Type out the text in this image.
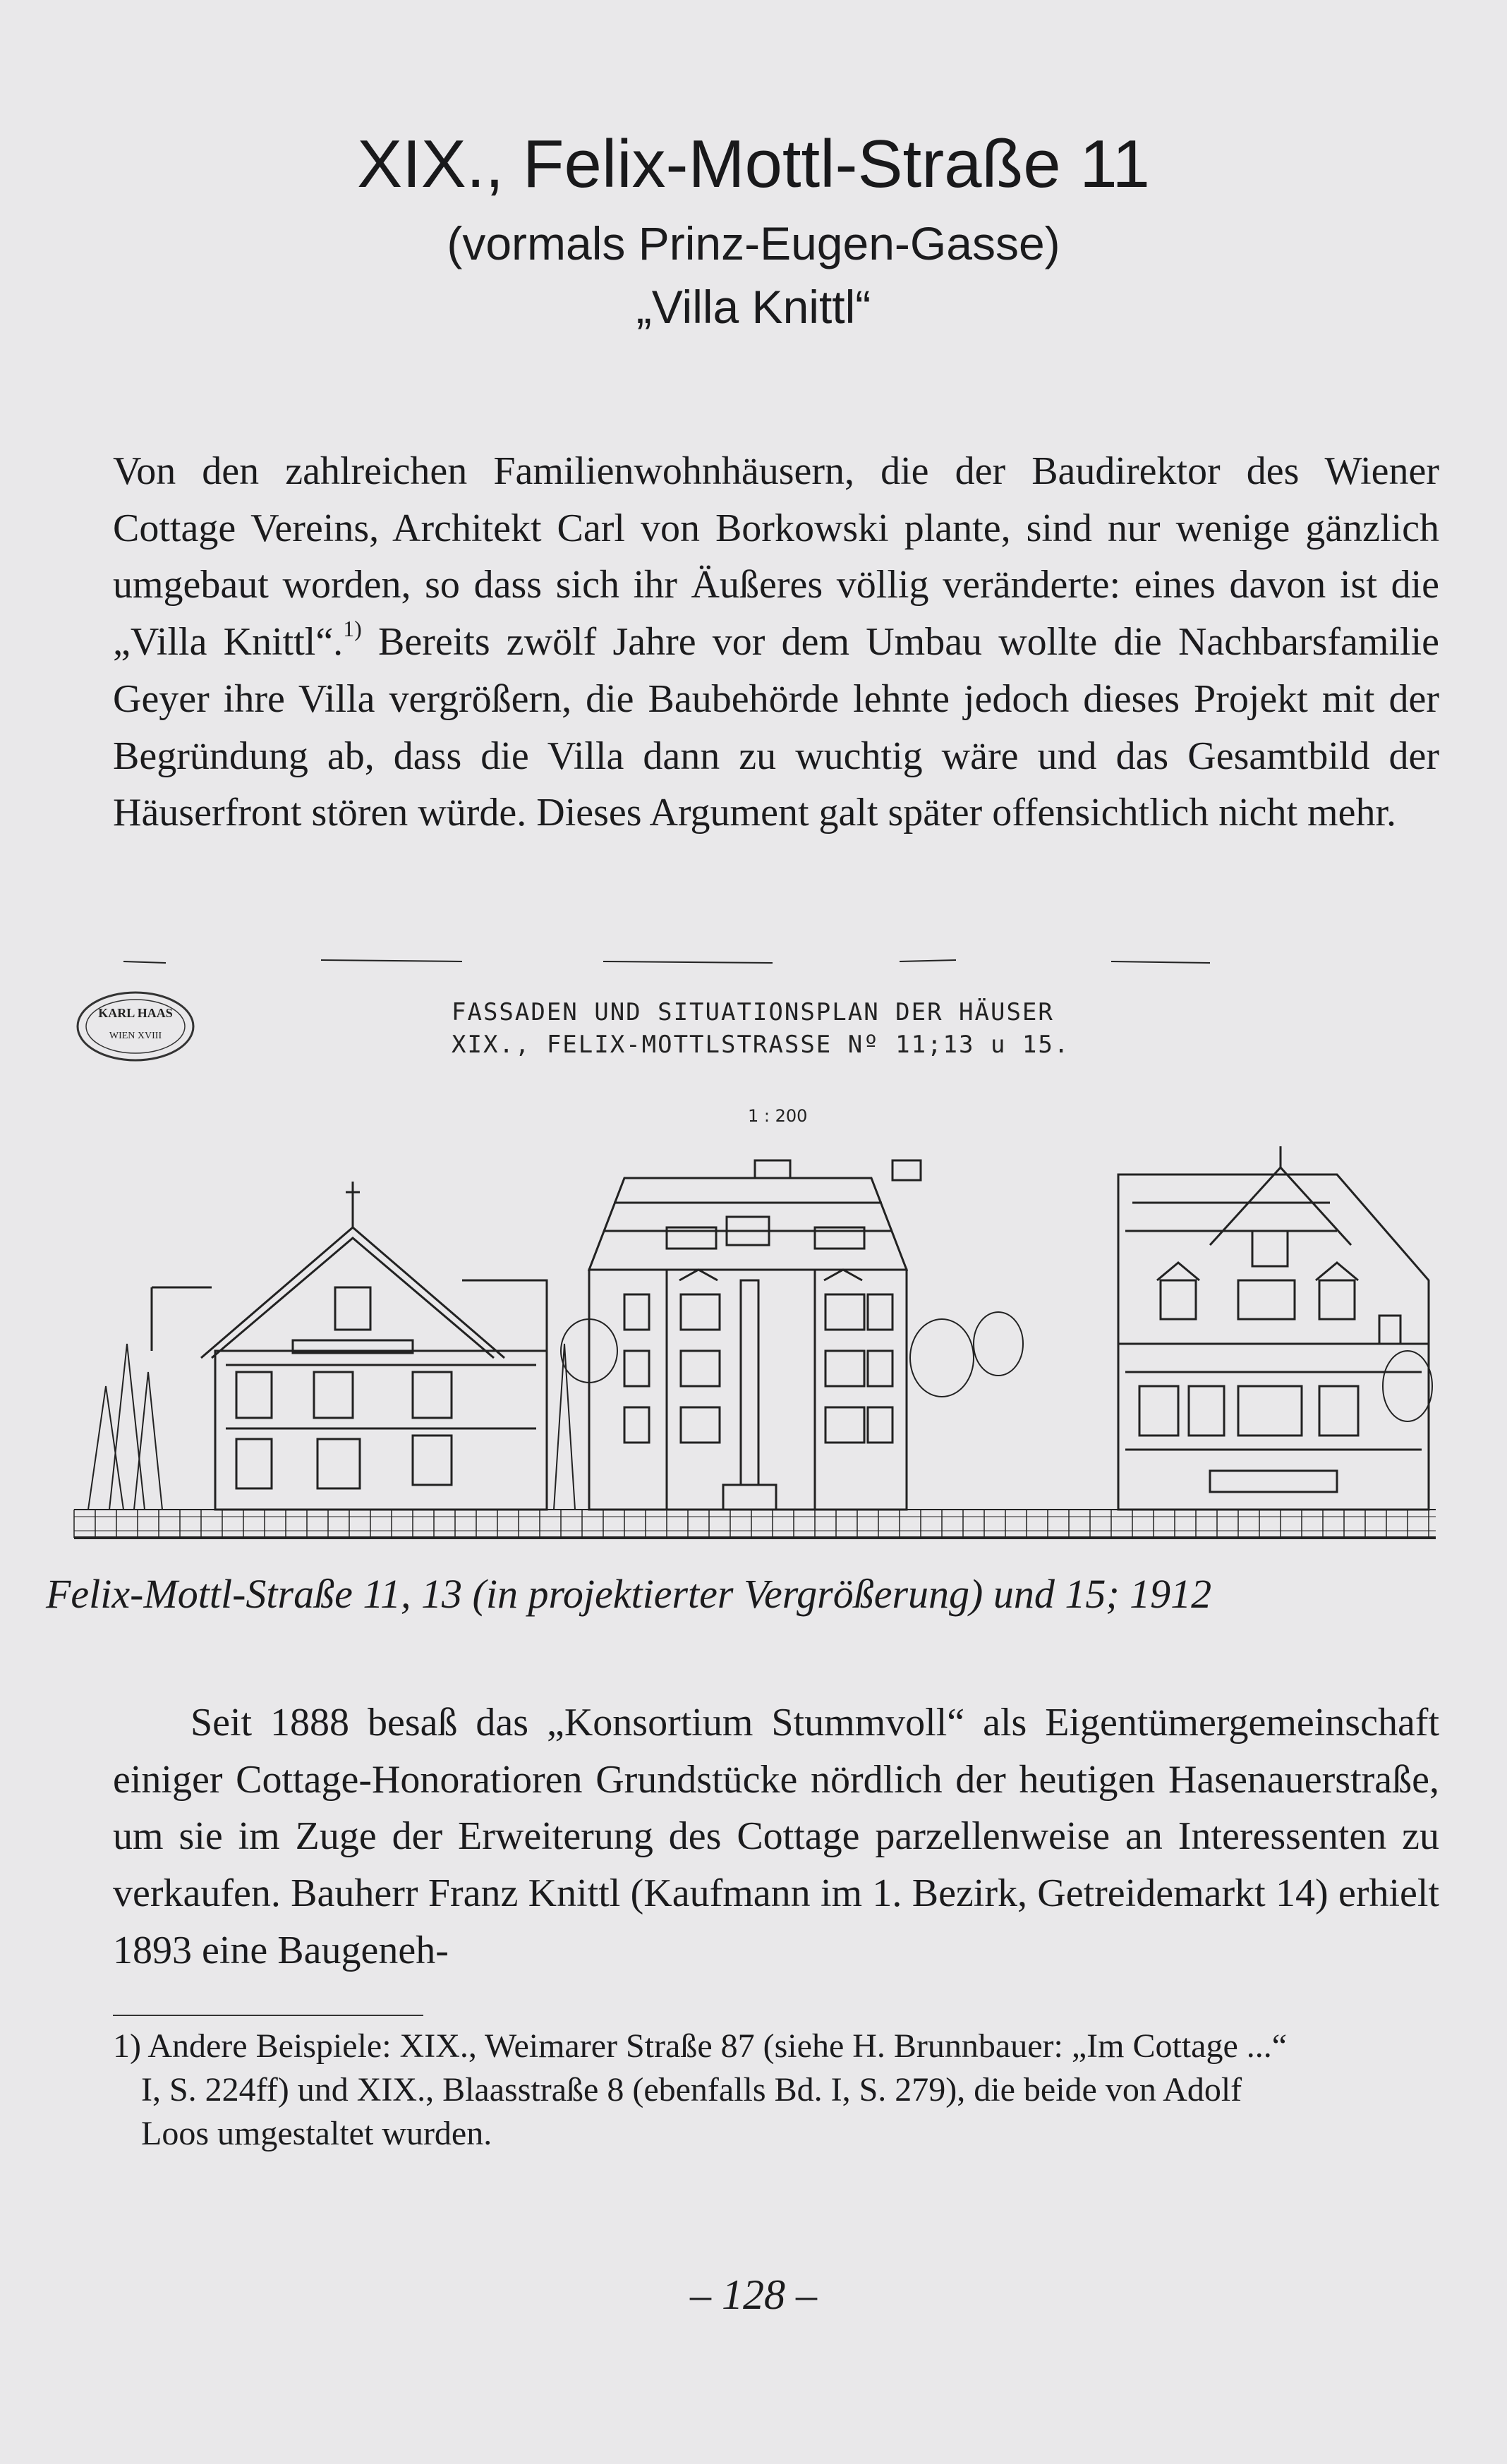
XIX., Felix-Mottl-Straße 11
(vormals Prinz-Eugen-Gasse)
„Villa Knittl“

Von den zahlreichen Familienwohnhäusern, die der Baudirektor des Wiener Cottage Vereins, Architekt Carl von Borkowski plante, sind nur wenige gänzlich umgebaut worden, so dass sich ihr Äußeres völlig veränderte: eines davon ist die „Villa Knittl“.$^{1)}$ Bereits zwölf Jahre vor dem Umbau wollte die Nachbarsfamilie Geyer ihre Villa vergrößern, die Baubehörde lehnte jedoch dieses Projekt mit der Begründung ab, dass die Villa dann zu wuchtig wäre und das Gesamtbild der Häuserfront stören würde. Dieses Argument galt später offensichtlich nicht mehr.

KARL HAAS
WIEN XVIII
FASSADEN UND SITUATIONSPLAN DER HÄUSER
XIX., FELIX-MOTTLSTRASSE Nº 11;13 u 15.
1 : 200

Felix-Mottl-Straße 11, 13 (in projektierter Vergrößerung) und 15; 1912

Seit 1888 besaß das „Konsortium Stummvoll“ als Eigentümergemeinschaft einiger Cottage-Honoratioren Grundstücke nördlich der heutigen Hasenauerstraße, um sie im Zuge der Erweiterung des Cottage parzellenweise an Interessenten zu verkaufen. Bauherr Franz Knittl (Kaufmann im 1. Bezirk, Getreidemarkt 14) erhielt 1893 eine Baugeneh-

1) Andere Beispiele: XIX., Weimarer Straße 87 (siehe H. Brunnbauer: „Im Cottage ...“
I, S. 224ff) und XIX., Blaasstraße 8 (ebenfalls Bd. I, S. 279), die beide von Adolf
Loos umgestaltet wurden.
– 128 –
